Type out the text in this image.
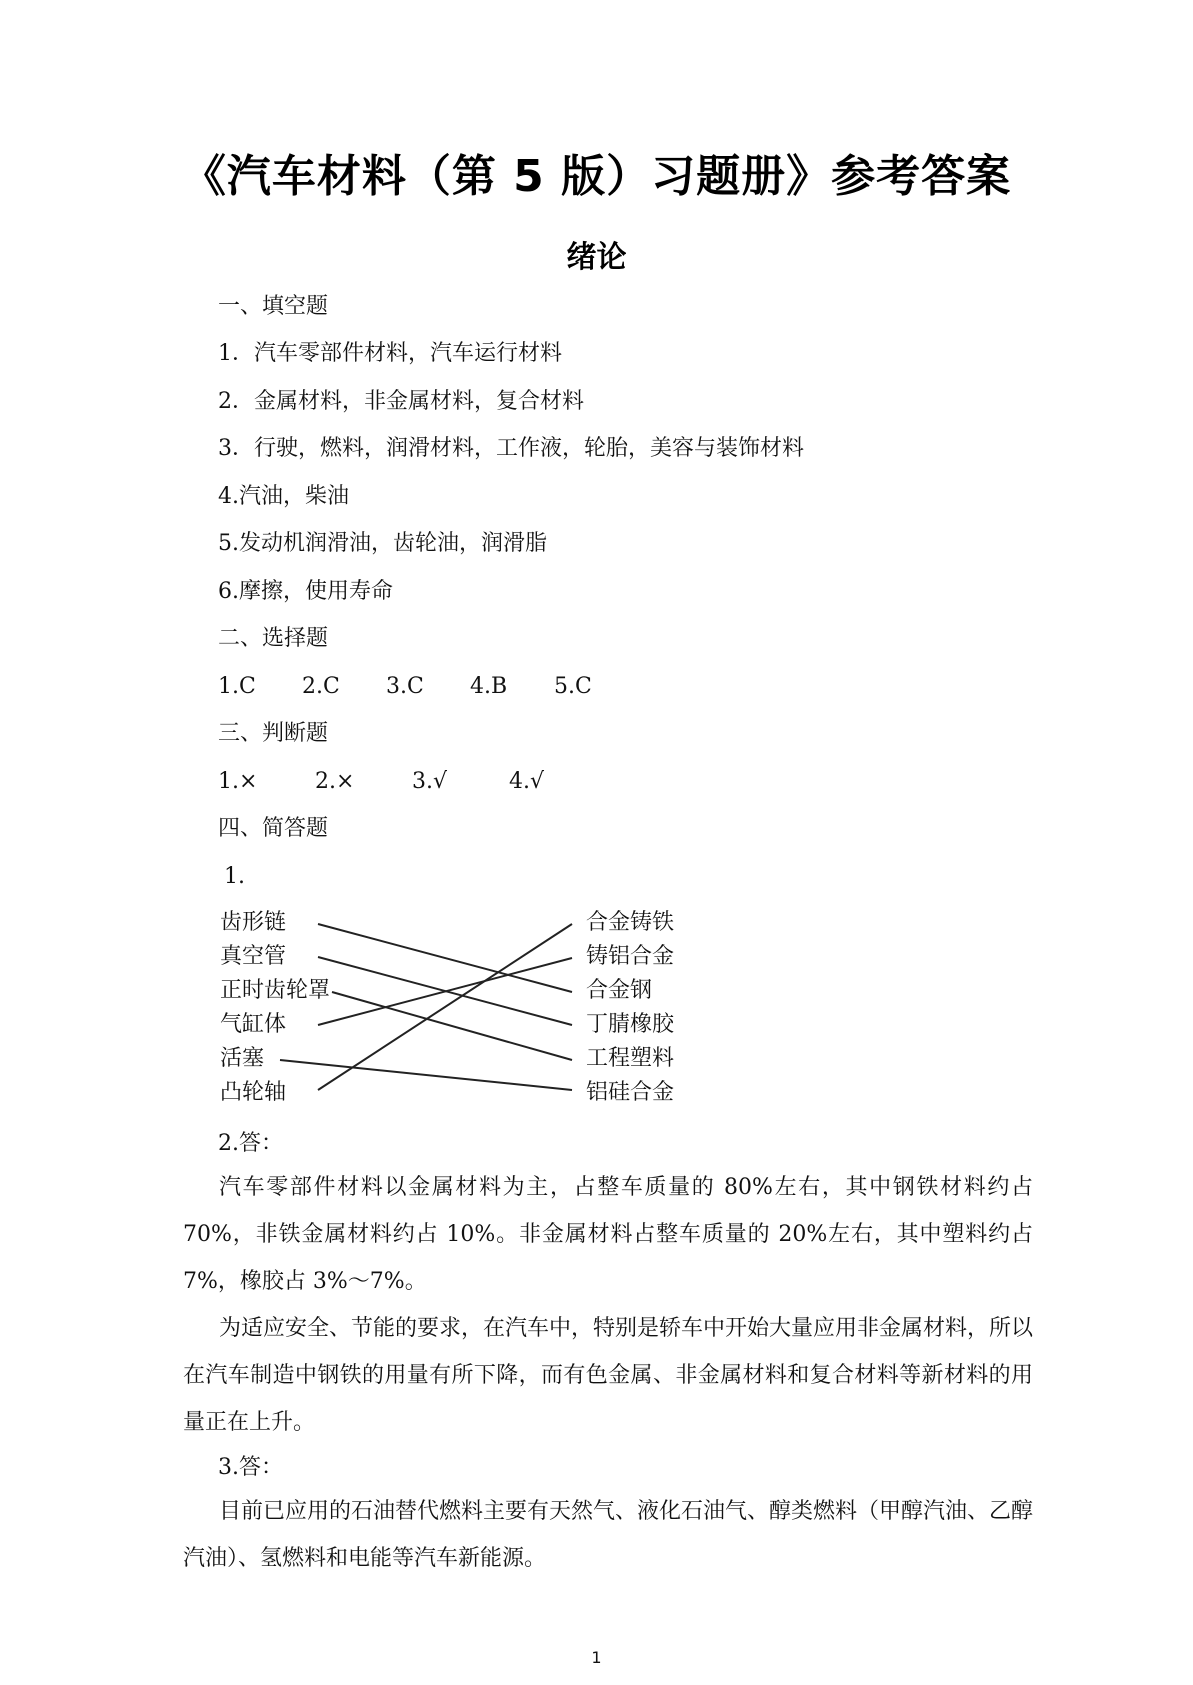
《汽车材料（第 5 版）习题册》参考答案
绪论
一、填空题
1．汽车零部件材料，汽车运行材料
2．金属材料，非金属材料，复合材料
3．行驶，燃料，润滑材料，工作液，轮胎，美容与装饰材料
4.汽油，柴油
5.发动机润滑油，齿轮油，润滑脂
6.摩擦，使用寿命
二、选择题
1.C 2.C 3.C 4.B 5.C
三、判断题
1.×	2.×	3.√	4.√
四、简答题
1.
齿形链
真空管
正时齿轮罩
气缸体
活塞
凸轮轴
合金铸铁
铸铝合金
合金钢
丁腈橡胶
工程塑料
铝硅合金
2.答：
汽车零部件材料以金属材料为主，占整车质量的 80%左右，其中钢铁材料约占 70%，非铁金属材料约占 10%。非金属材料占整车质量的 20%左右，其中塑料约占 7%，橡胶占 3%～7%。
为适应安全、节能的要求，在汽车中，特别是轿车中开始大量应用非金属材料，所以在汽车制造中钢铁的用量有所下降，而有色金属、非金属材料和复合材料等新材料的用量正在上升。
3.答：
目前已应用的石油替代燃料主要有天然气、液化石油气、醇类燃料（甲醇汽油、乙醇汽油）、氢燃料和电能等汽车新能源。
1
